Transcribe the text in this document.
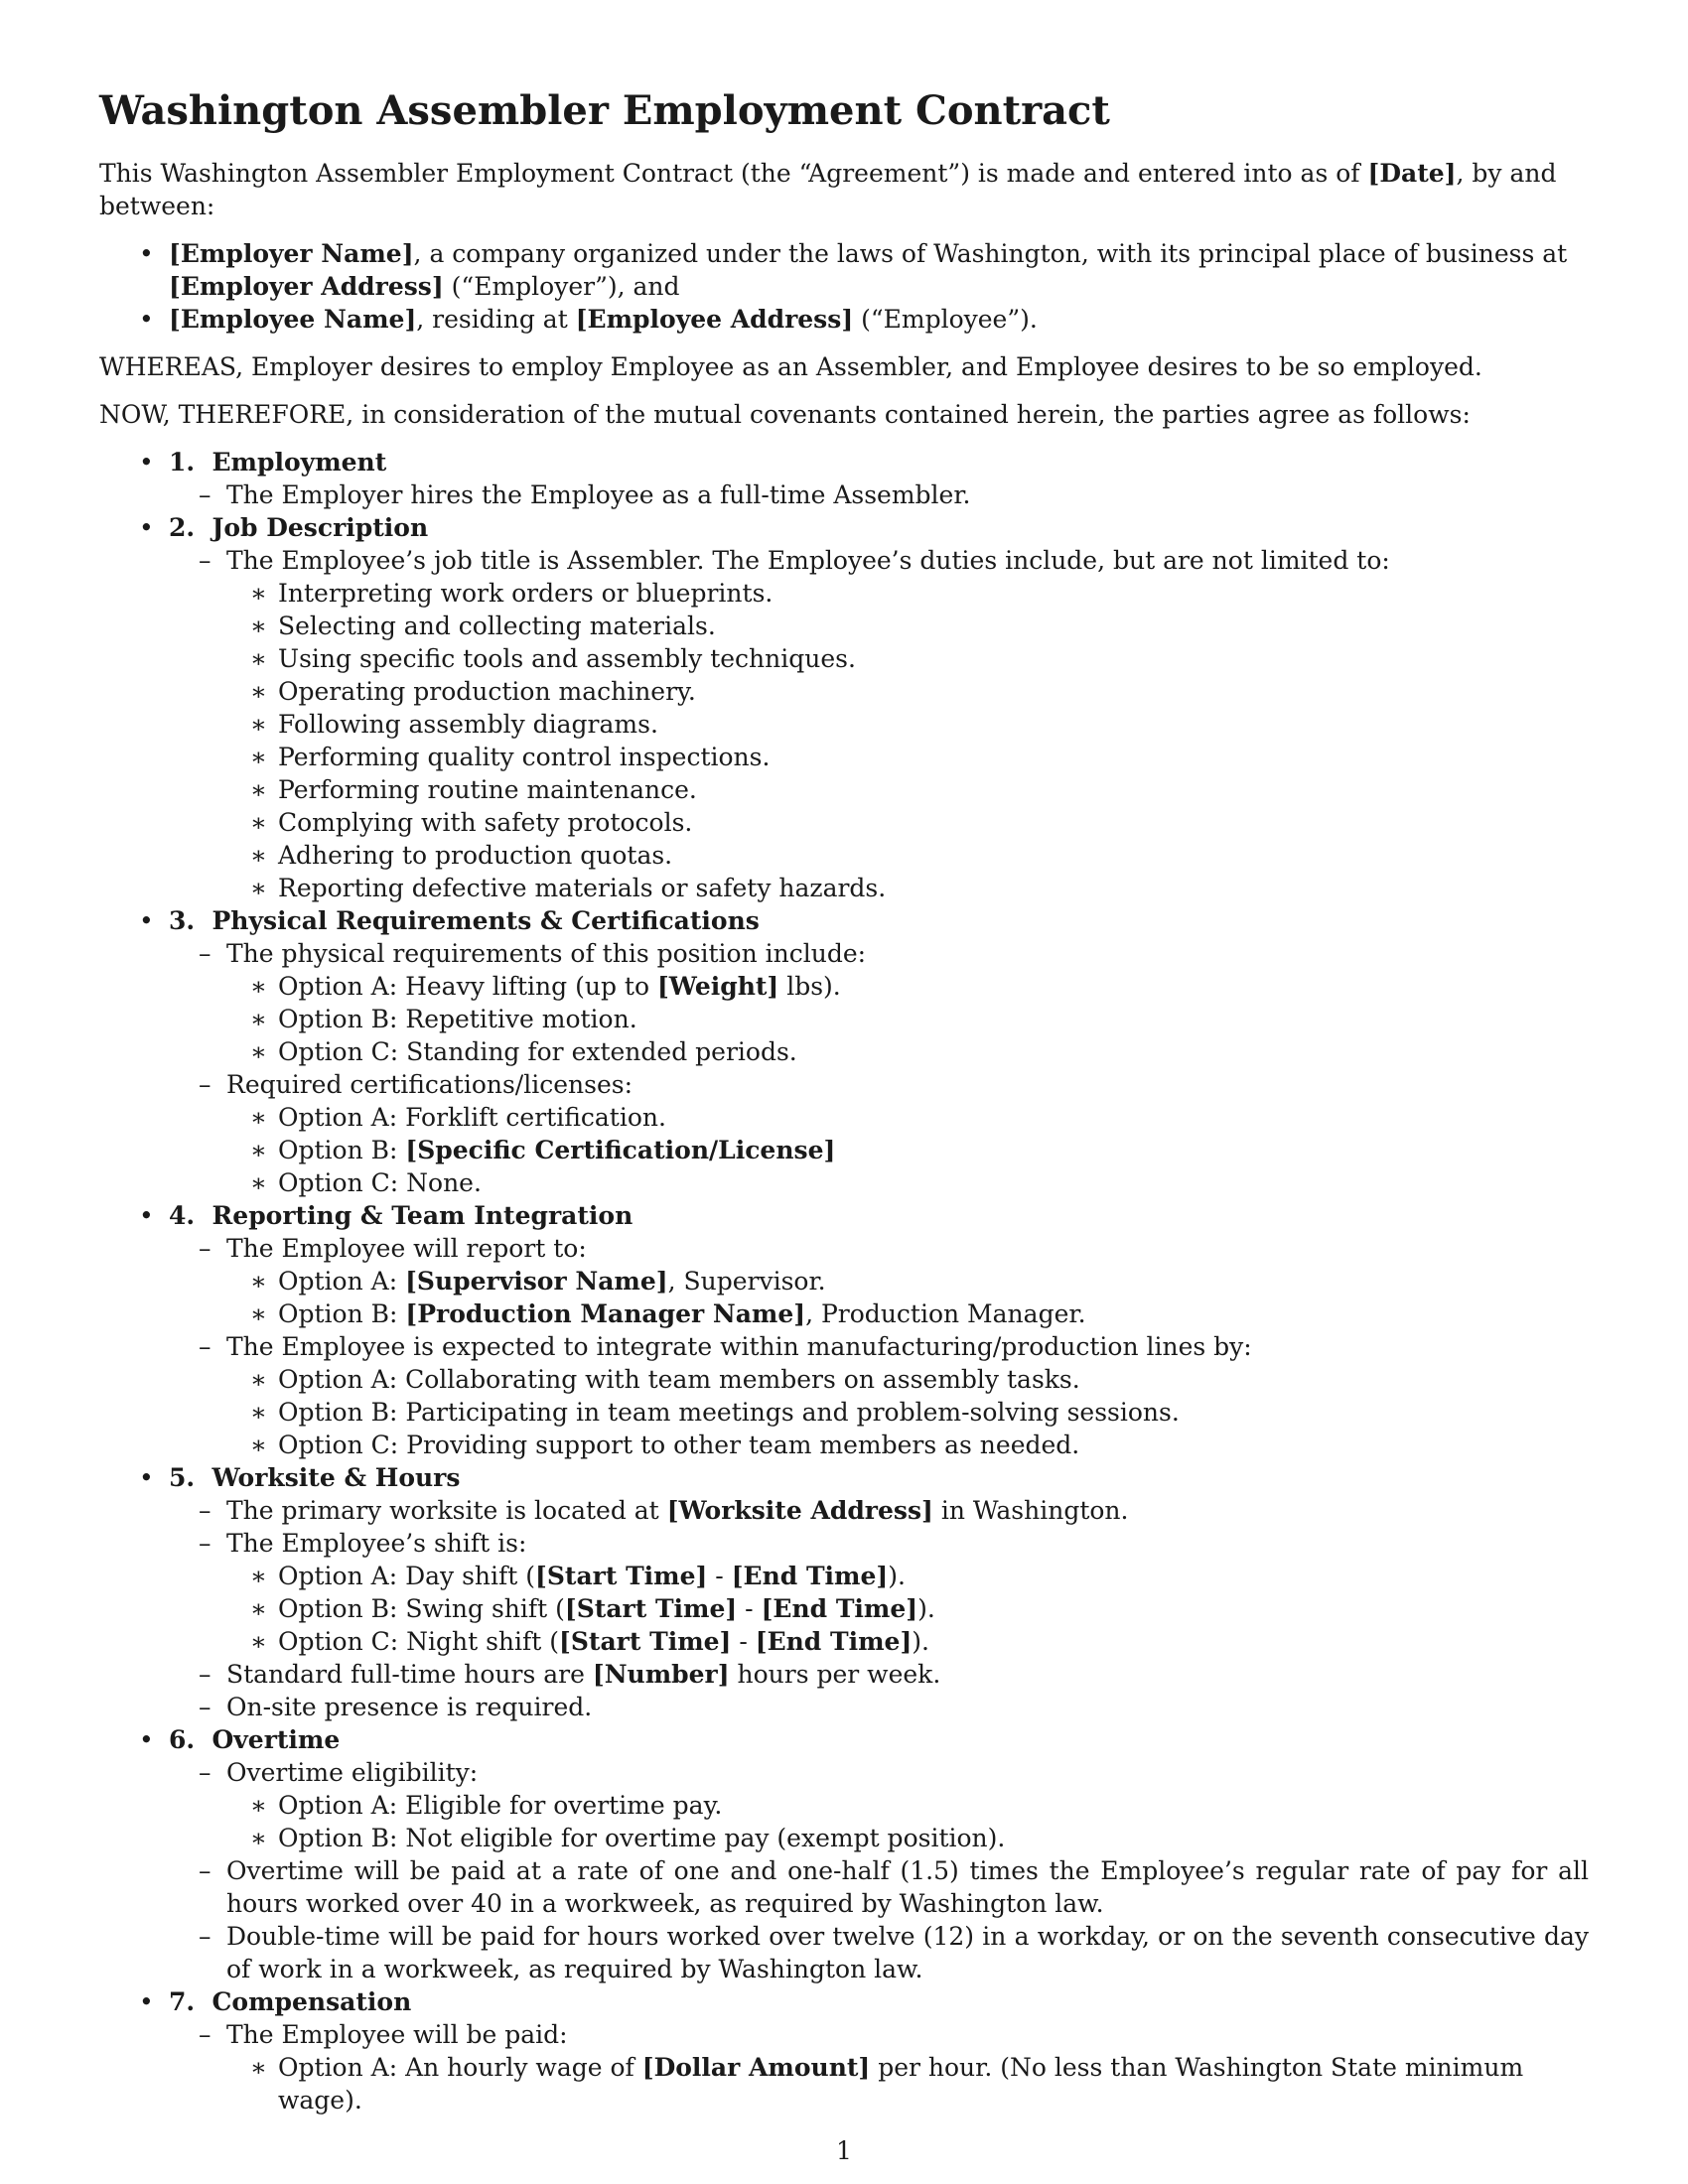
Washington Assembler Employment Contract

This Washington Assembler Employment Contract (the “Agreement”) is made and entered into as of [Date], by and between:

• [Employer Name], a company organized under the laws of Washington, with its principal place of business at [Employer Address] (“Employer”), and
• [Employee Name], residing at [Employee Address] (“Employee”).

WHEREAS, Employer desires to employ Employee as an Assembler, and Employee desires to be so employed.

NOW, THEREFORE, in consideration of the mutual covenants contained herein, the parties agree as follows:

• 1.  Employment
– The Employer hires the Employee as a full-time Assembler.
• 2.  Job Description
– The Employee’s job title is Assembler. The Employee’s duties include, but are not limited to:
∗ Interpreting work orders or blueprints.
∗ Selecting and collecting materials.
∗ Using specific tools and assembly techniques.
∗ Operating production machinery.
∗ Following assembly diagrams.
∗ Performing quality control inspections.
∗ Performing routine maintenance.
∗ Complying with safety protocols.
∗ Adhering to production quotas.
∗ Reporting defective materials or safety hazards.
• 3.  Physical Requirements & Certifications
– The physical requirements of this position include:
∗ Option A: Heavy lifting (up to [Weight] lbs).
∗ Option B: Repetitive motion.
∗ Option C: Standing for extended periods.
– Required certifications/licenses:
∗ Option A: Forklift certification.
∗ Option B: [Specific Certification/License]
∗ Option C: None.
• 4.  Reporting & Team Integration
– The Employee will report to:
∗ Option A: [Supervisor Name], Supervisor.
∗ Option B: [Production Manager Name], Production Manager.
– The Employee is expected to integrate within manufacturing/production lines by:
∗ Option A: Collaborating with team members on assembly tasks.
∗ Option B: Participating in team meetings and problem-solving sessions.
∗ Option C: Providing support to other team members as needed.
• 5.  Worksite & Hours
– The primary worksite is located at [Worksite Address] in Washington.
– The Employee’s shift is:
∗ Option A: Day shift ([Start Time] - [End Time]).
∗ Option B: Swing shift ([Start Time] - [End Time]).
∗ Option C: Night shift ([Start Time] - [End Time]).
– Standard full-time hours are [Number] hours per week.
– On-site presence is required.
• 6.  Overtime
– Overtime eligibility:
∗ Option A: Eligible for overtime pay.
∗ Option B: Not eligible for overtime pay (exempt position).
– Overtime will be paid at a rate of one and one-half (1.5) times the Employee’s regular rate of pay for all hours worked over 40 in a workweek, as required by Washington law.
– Double-time will be paid for hours worked over twelve (12) in a workday, or on the seventh consecutive day of work in a workweek, as required by Washington law.
• 7.  Compensation
– The Employee will be paid:
∗ Option A: An hourly wage of [Dollar Amount] per hour. (No less than Washington State minimum wage).
1
